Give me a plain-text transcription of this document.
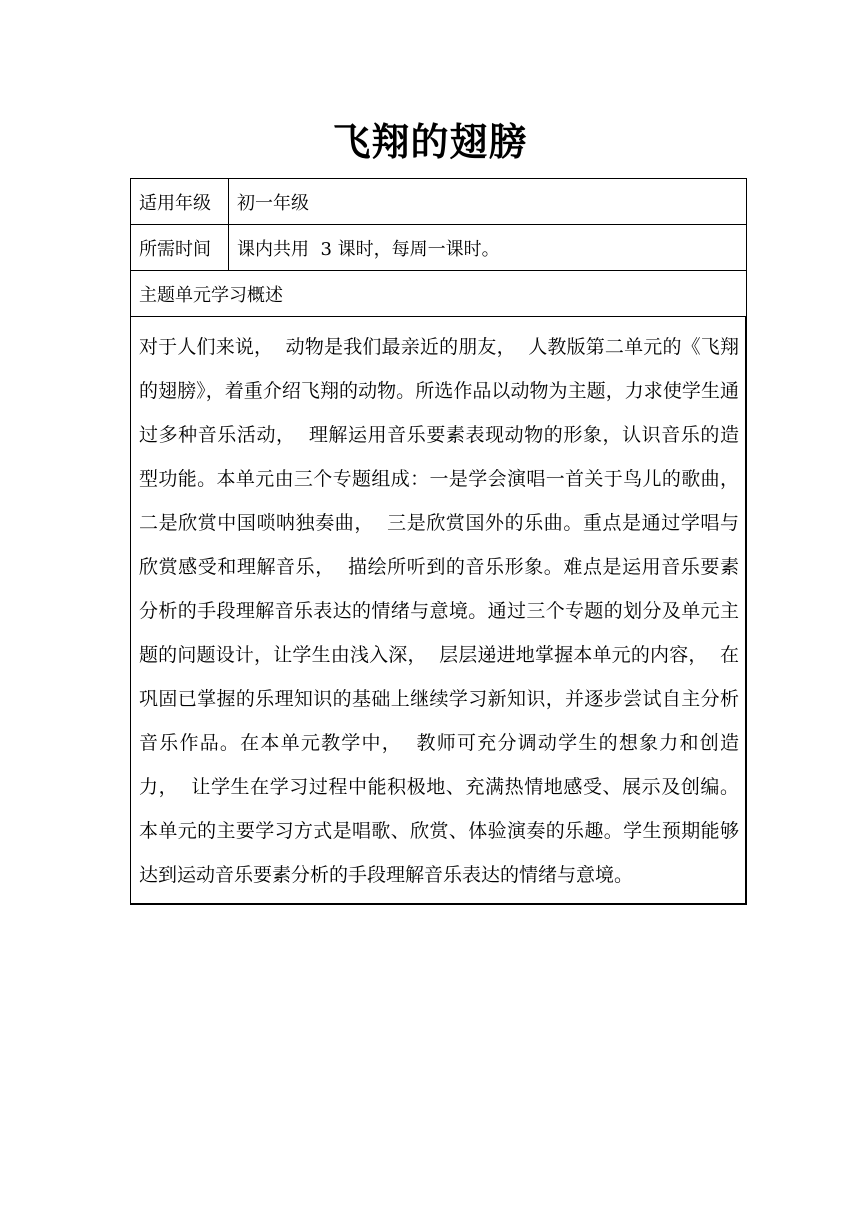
飞翔的翅膀
适用年级	初一年级
所需时间	课内共用  3 课时，每周一课时。
主题单元学习概述	
对于人们来说，  动物是我们最亲近的朋友，  人教版第二单元的《飞翔的翅膀》，着重介绍飞翔的动物。所选作品以动物为主题，力求使学生通过多种音乐活动，  理解运用音乐要素表现动物的形象，认识音乐的造型功能。本单元由三个专题组成：一是学会演唱一首关于鸟儿的歌曲，  二是欣赏中国唢呐独奏曲，  三是欣赏国外的乐曲。重点是通过学唱与欣赏感受和理解音乐，  描绘所听到的音乐形象。难点是运用音乐要素分析的手段理解音乐表达的情绪与意境。通过三个专题的划分及单元主题的问题设计，让学生由浅入深，  层层递进地掌握本单元的内容，  在巩固已掌握的乐理知识的基础上继续学习新知识，并逐步尝试自主分析音乐作品。在本单元教学中，  教师可充分调动学生的想象力和创造力，  让学生在学习过程中能积极地、充满热情地感受、展示及创编。本单元的主要学习方式是唱歌、欣赏、体验演奏的乐趣。学生预期能够达到运动音乐要素分析的手段理解音乐表达的情绪与意境。	
